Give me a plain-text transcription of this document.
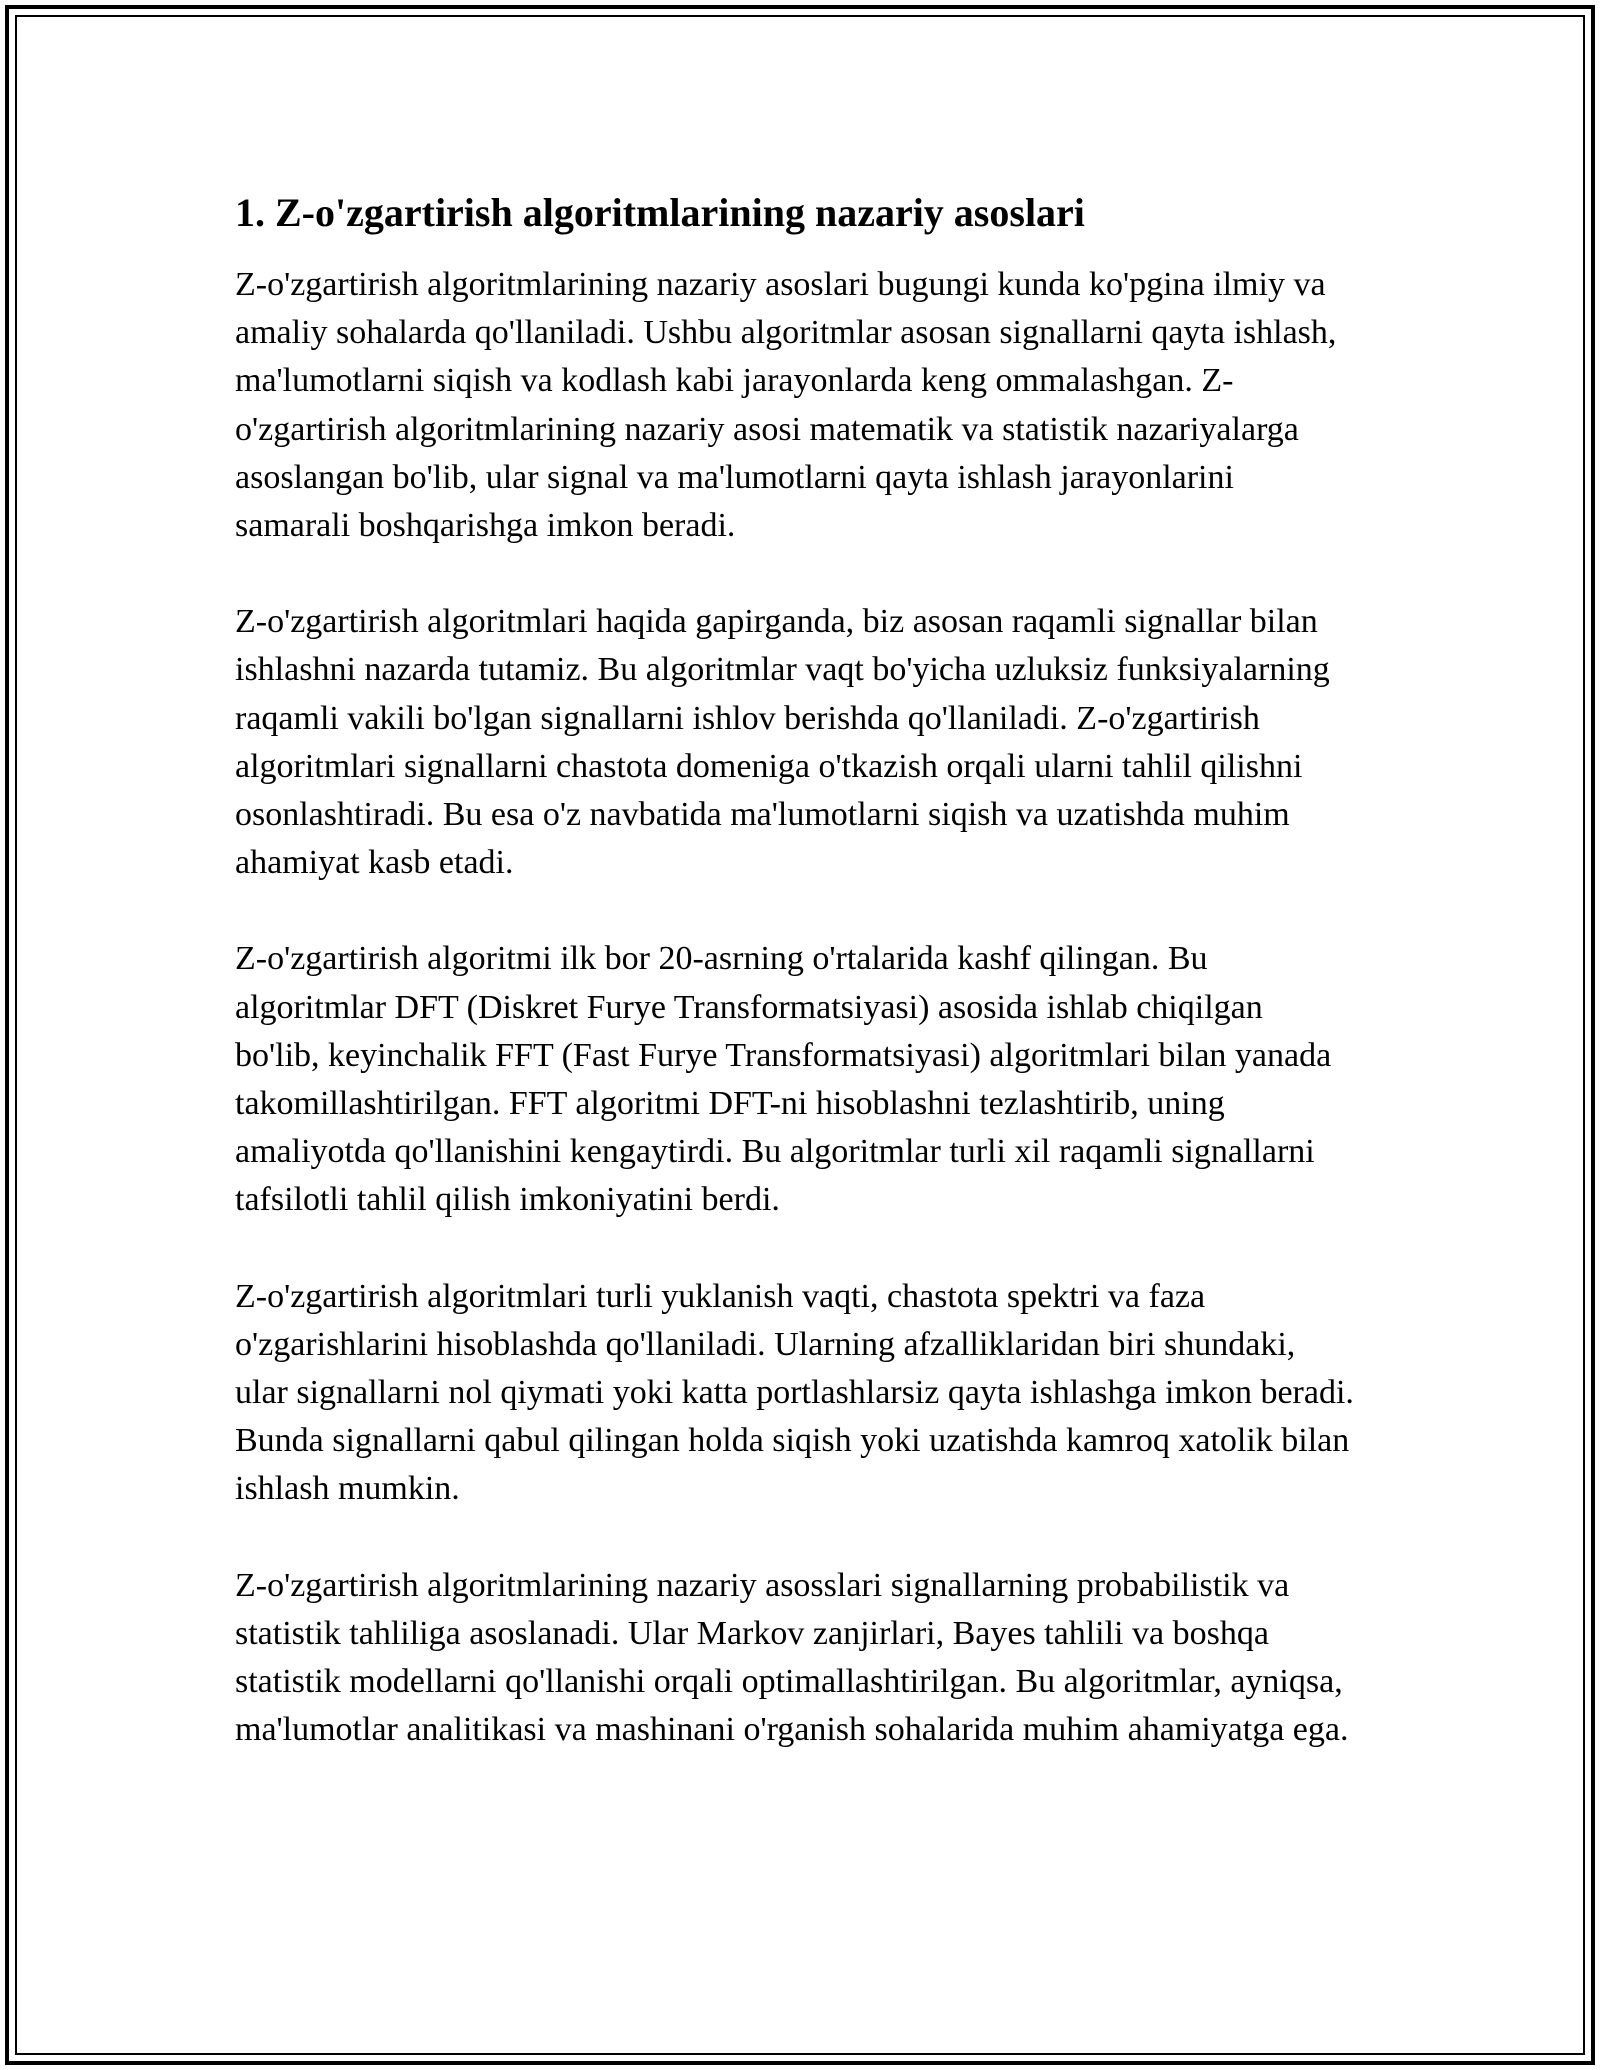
1. Z-o'zgartirish algoritmlarining nazariy asoslari

Z-o'zgartirish algoritmlarining nazariy asoslari bugungi kunda ko'pgina ilmiy va amaliy sohalarda qo'llaniladi. Ushbu algoritmlar asosan signallarni qayta ishlash, ma'lumotlarni siqish va kodlash kabi jarayonlarda keng ommalashgan. Z-o'zgartirish algoritmlarining nazariy asosi matematik va statistik nazariyalarga asoslangan bo'lib, ular signal va ma'lumotlarni qayta ishlash jarayonlarini samarali boshqarishga imkon beradi.

Z-o'zgartirish algoritmlari haqida gapirganda, biz asosan raqamli signallar bilan ishlashni nazarda tutamiz. Bu algoritmlar vaqt bo'yicha uzluksiz funksiyalarning raqamli vakili bo'lgan signallarni ishlov berishda qo'llaniladi. Z-o'zgartirish algoritmlari signallarni chastota domeniga o'tkazish orqali ularni tahlil qilishni osonlashtiradi. Bu esa o'z navbatida ma'lumotlarni siqish va uzatishda muhim ahamiyat kasb etadi.

Z-o'zgartirish algoritmi ilk bor 20-asrning o'rtalarida kashf qilingan. Bu algoritmlar DFT (Diskret Furye Transformatsiyasi) asosida ishlab chiqilgan bo'lib, keyinchalik FFT (Fast Furye Transformatsiyasi) algoritmlari bilan yanada takomillashtirilgan. FFT algoritmi DFT-ni hisoblashni tezlashtirib, uning amaliyotda qo'llanishini kengaytirdi. Bu algoritmlar turli xil raqamli signallarni tafsilotli tahlil qilish imkoniyatini berdi.

Z-o'zgartirish algoritmlari turli yuklanish vaqti, chastota spektri va faza o'zgarishlarini hisoblashda qo'llaniladi. Ularning afzalliklaridan biri shundaki, ular signallarni nol qiymati yoki katta portlashlarsiz qayta ishlashga imkon beradi. Bunda signallarni qabul qilingan holda siqish yoki uzatishda kamroq xatolik bilan ishlash mumkin.

Z-o'zgartirish algoritmlarining nazariy asosslari signallarning probabilistik va statistik tahliliga asoslanadi. Ular Markov zanjirlari, Bayes tahlili va boshqa statistik modellarni qo'llanishi orqali optimallashtirilgan. Bu algoritmlar, ayniqsa, ma'lumotlar analitikasi va mashinani o'rganish sohalarida muhim ahamiyatga ega.
